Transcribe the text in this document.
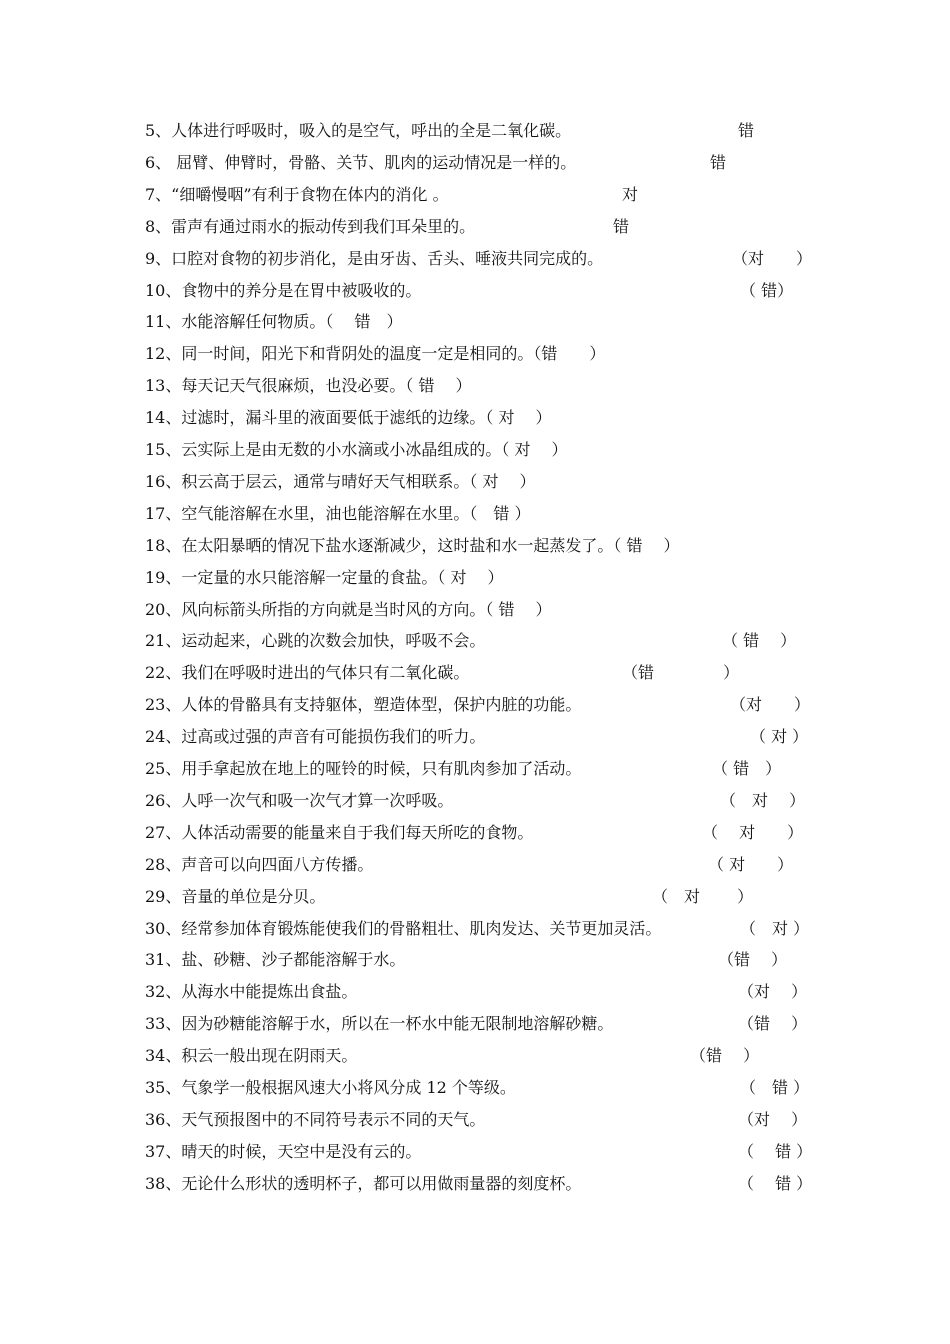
5、人体进行呼吸时，吸入的是空气，呼出的全是二氧化碳。	错
6、 屈臂、伸臂时，骨骼、关节、肌肉的运动情况是一样的。	错
7、“细嚼慢咽”有利于食物在体内的消化 。	对
8、雷声有通过雨水的振动传到我们耳朵里的。	错
9、口腔对食物的初步消化，是由牙齿、舌头、唾液共同完成的。	（对　　）
10、食物中的养分是在胃中被吸收的。	（ 错）
11、水能溶解任何物质。（　 错　）
12、同一时间，阳光下和背阴处的温度一定是相同的。（错　　）
13、每天记天气很麻烦，也没必要。（ 错　 ）
14、过滤时，漏斗里的液面要低于滤纸的边缘。（ 对　 ）
15、云实际上是由无数的小水滴或小冰晶组成的。（ 对　 ）
16、积云高于层云，通常与晴好天气相联系。（ 对　 ）
17、空气能溶解在水里，油也能溶解在水里。（　错 ）
18、在太阳暴晒的情况下盐水逐渐减少，这时盐和水一起蒸发了。（ 错　 ）
19、一定量的水只能溶解一定量的食盐。（ 对　 ）
20、风向标箭头所指的方向就是当时风的方向。（ 错　 ）
21、运动起来，心跳的次数会加快，呼吸不会。	（ 错　 ）
22、我们在呼吸时进出的气体只有二氧化碳。	（错　　　　 ）
23、人体的骨骼具有支持躯体，塑造体型，保护内脏的功能。	（对　　）
24、过高或过强的声音有可能损伤我们的听力。	（ 对 ）
25、用手拿起放在地上的哑铃的时候，只有肌肉参加了活动。	（ 错　）
26、人呼一次气和吸一次气才算一次呼吸。	（　对　 ）
27、人体活动需要的能量来自于我们每天所吃的食物。	（　 对　　）
28、声音可以向四面八方传播。	（ 对　　）
29、音量的单位是分贝。	（　对　　 ）
30、经常参加体育锻炼能使我们的骨骼粗壮、肌肉发达、关节更加灵活。	（　对 ）
31、盐、砂糖、沙子都能溶解于水。	（错　 ）
32、从海水中能提炼出食盐。	（对　 ）
33、因为砂糖能溶解于水，所以在一杯水中能无限制地溶解砂糖。	（错　 ）
34、积云一般出现在阴雨天。	（错　 ）
35、气象学一般根据风速大小将风分成 12 个等级。	（　错 ）
36、天气预报图中的不同符号表示不同的天气。	（对　 ）
37、晴天的时候，天空中是没有云的。	（　 错 ）
38、无论什么形状的透明杯子，都可以用做雨量器的刻度杯。	（　 错 ）
